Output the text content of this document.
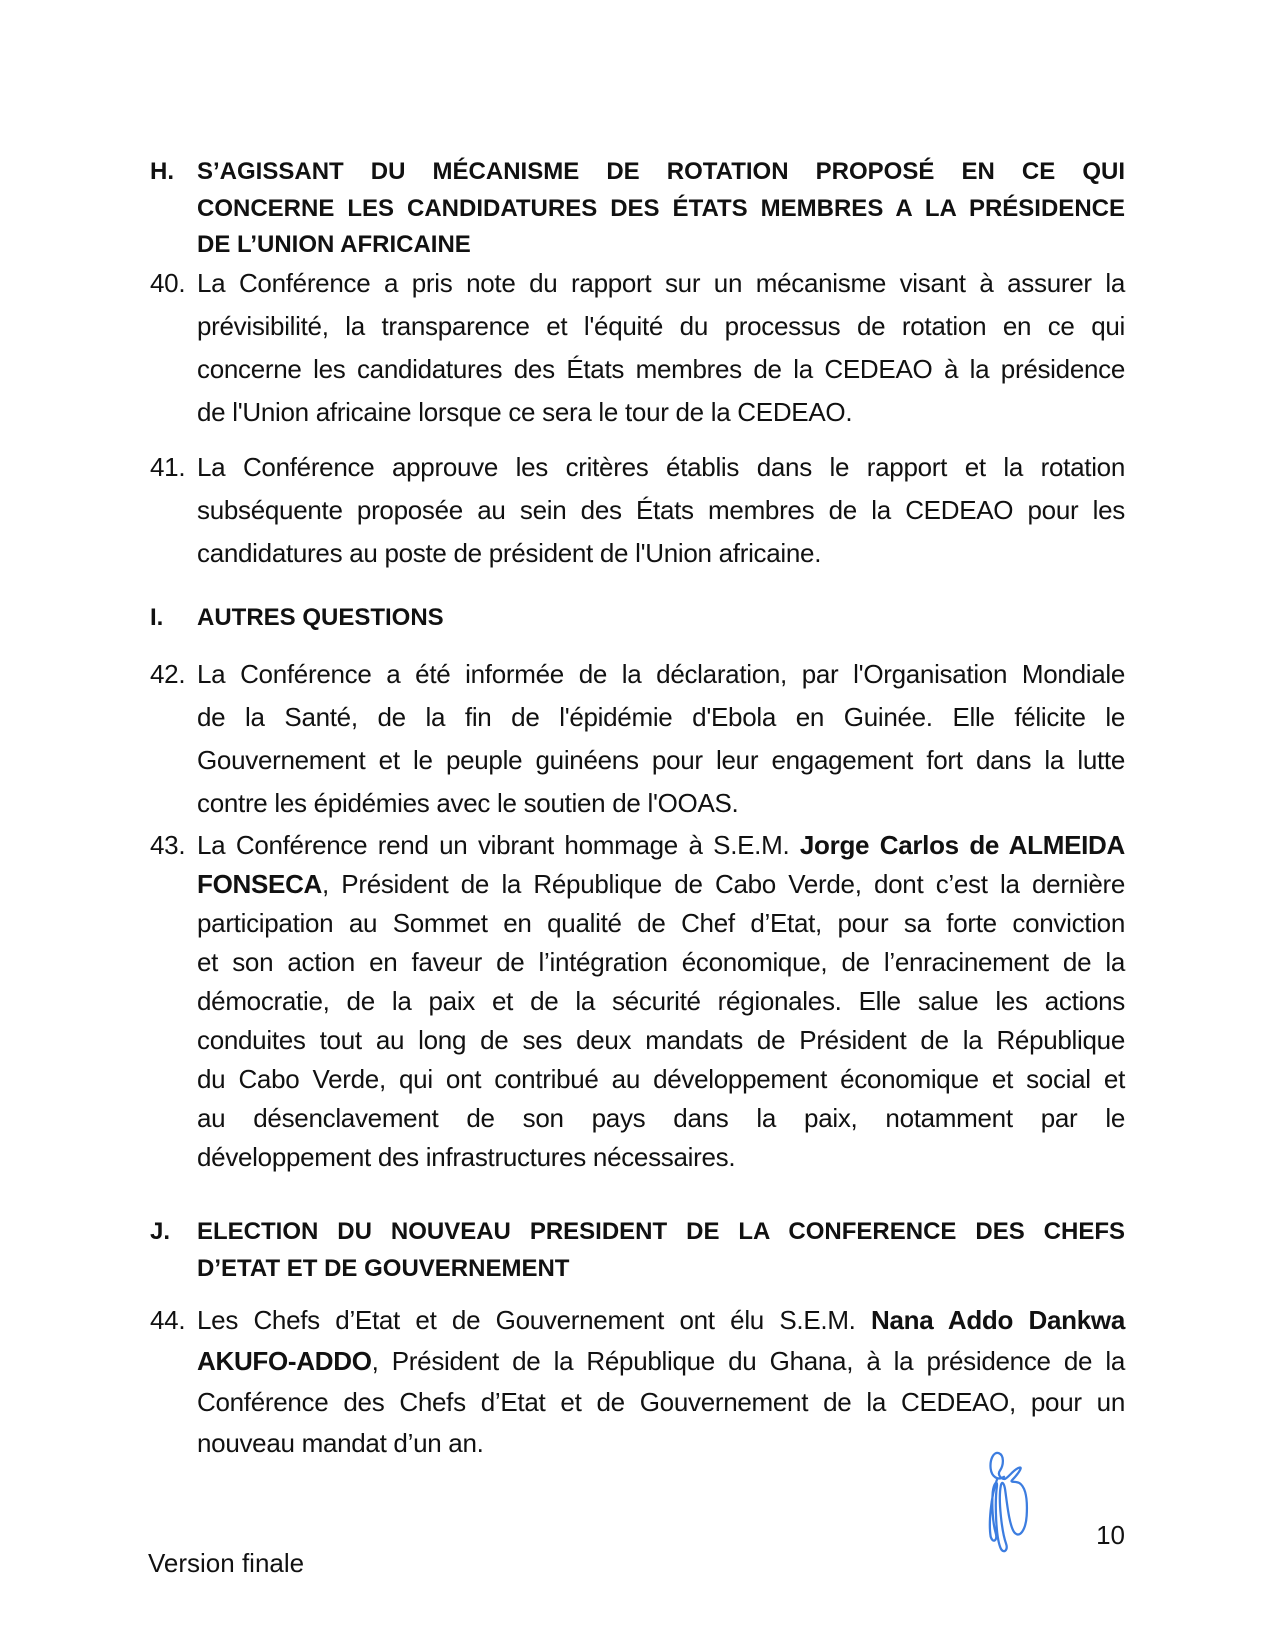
H. S’AGISSANT DU MÉCANISME DE ROTATION PROPOSÉ EN CE QUI
CONCERNE LES CANDIDATURES DES ÉTATS MEMBRES A LA PRÉSIDENCE
DE L’UNION AFRICAINE
40. La Conférence a pris note du rapport sur un mécanisme visant à assurer la
prévisibilité, la transparence et l'équité du processus de rotation en ce qui
concerne les candidatures des États membres de la CEDEAO à la présidence
de l'Union africaine lorsque ce sera le tour de la CEDEAO.
41. La Conférence approuve les critères établis dans le rapport et la rotation
subséquente proposée au sein des États membres de la CEDEAO pour les
candidatures au poste de président de l'Union africaine.
I. AUTRES QUESTIONS
42. La Conférence a été informée de la déclaration, par l'Organisation Mondiale
de la Santé, de la fin de l'épidémie d'Ebola en Guinée. Elle félicite le
Gouvernement et le peuple guinéens pour leur engagement fort dans la lutte
contre les épidémies avec le soutien de l'OOAS.
43. La Conférence rend un vibrant hommage à S.E.M. Jorge Carlos de ALMEIDA
FONSECA, Président de la République de Cabo Verde, dont c’est la dernière
participation au Sommet en qualité de Chef d’Etat, pour sa forte conviction
et son action en faveur de l’intégration économique, de l’enracinement de la
démocratie, de la paix et de la sécurité régionales. Elle salue les actions
conduites tout au long de ses deux mandats de Président de la République
du Cabo Verde, qui ont contribué au développement économique et social et
au désenclavement de son pays dans la paix, notamment par le
développement des infrastructures nécessaires.
J. ELECTION DU NOUVEAU PRESIDENT DE LA CONFERENCE DES CHEFS
D’ETAT ET DE GOUVERNEMENT
44. Les Chefs d’Etat et de Gouvernement ont élu S.E.M. Nana Addo Dankwa
AKUFO-ADDO, Président de la République du Ghana, à la présidence de la
Conférence des Chefs d’Etat et de Gouvernement de la CEDEAO, pour un
nouveau mandat d’un an.
10
Version finale
